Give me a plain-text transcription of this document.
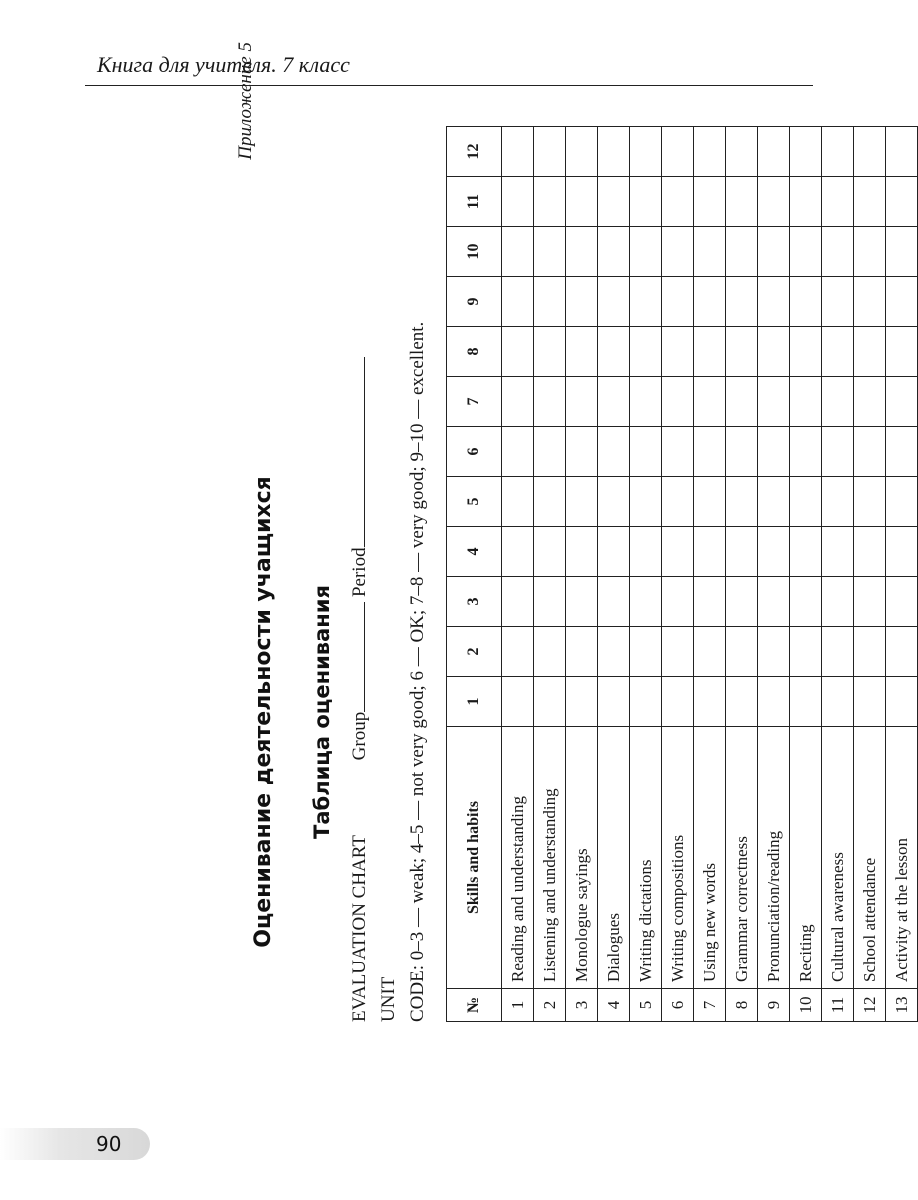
Книга для учителя. 7 класс
Приложение 5
Оценивание деятельности учащихся Таблица оценивания
EVALUATION CHART Group Period
UNIT CODE: 0–3 — weak; 4–5 — not very good; 6 — OK; 7–8 — very good; 9–10 — excellent.
№	Skills and habits	1	2	3	4	5	6	7	8	9	10	11	12
1	Reading and understanding												
2	Listening and understanding												
3	Monologue sayings												
4	Dialogues												
5	Writing dictations												
6	Writing compositions												
7	Using new words												
8	Grammar correctness												
9	Pronunciation/reading												
10	Reciting												
11	Cultural awareness												
12	School attendance												
13	Activity at the lesson												
90
